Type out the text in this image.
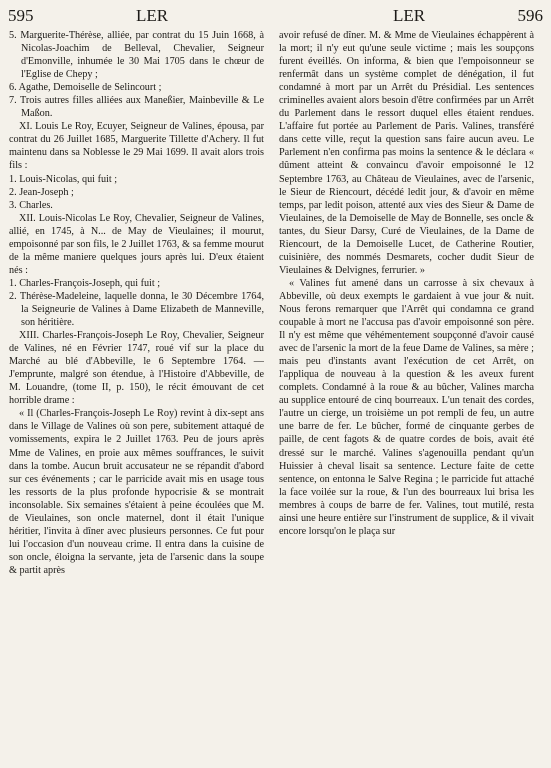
595	LER	LER	596
5. Marguerite-Thérèse, alliée, par contrat du 15 Juin 1668, à Nicolas-Joachim de Belleval, Chevalier, Seigneur d'Emonville, inhumée le 30 Mai 1705 dans le chœur de l'Eglise de Chepy ;
6. Agathe, Demoiselle de Selincourt ;
7. Trois autres filles alliées aux Maneßier, Mainbeville & Le Maßon.

XI. Louis Le Roy, Ecuyer, Seigneur de Valines, épousa, par contrat du 26 Juillet 1685, Marguerite Tillette d'Achery. Il fut maintenu dans sa Noblesse le 29 Mai 1699. Il avait alors trois fils :

1. Louis-Nicolas, qui fuit ;
2. Jean-Joseph ;
3. Charles.

XII. Louis-Nicolas Le Roy, Chevalier, Seigneur de Valines, allié, en 1745, à N... de May de Vieulaines; il mourut, empoisonné par son fils, le 2 Juillet 1763, & sa femme mourut de la même maniere quelques jours après lui. D'eux étaient nés :

1. Charles-François-Joseph, qui fuit ;
2. Thérèse-Madeleine, laquelle donna, le 30 Décembre 1764, la Seigneurie de Valines à Dame Elizabeth de Manneville, son héritière.

XIII. Charles-François-Joseph Le Roy, Chevalier, Seigneur de Valines, né en Février 1747, roué vif sur la place du Marché au blé d'Abbeville, le 6 Septembre 1764. — J'emprunte, malgré son étendue, à l'Histoire d'Abbeville, de M. Louandre, (tome II, p. 150), le récit émouvant de cet horrible drame :

« Il (Charles-François-Joseph Le Roy) revint à dix-sept ans dans le Village de Valines où son pere, subitement attaqué de vomissements, expira le 2 Juillet 1763. Peu de jours après Mme de Valines, en proie aux mêmes souffrances, le suivit dans la tombe. Aucun bruit accusateur ne se répandit d'abord sur ces événements ; car le parricide avait mis en usage tous les ressorts de la plus profonde hypocrisie & se montrait inconsolable. Six semaines s'étaient à peine écoulées que M. de Vieulaines, son oncle maternel, dont il était l'unique héritier, l'invita à dîner avec plusieurs personnes. Ce fut pour lui l'occasion d'un nouveau crime. Il entra dans la cuisine de son oncle, éloigna la servante, jeta de l'arsenic dans la soupe & partit après

avoir refusé de dîner. M. & Mme de Vieulaines échappèrent à la mort; il n'y eut qu'une seule victime ; mais les soupçons furent éveillés. On informa, & bien que l'empoisonneur se renfermât dans un système complet de dénégation, il fut condamné à mort par un Arrêt du Présidial. Les sentences criminelles avaient alors besoin d'être confirmées par un Arrêt du Parlement dans le ressort duquel elles étaient rendues. L'affaire fut portée au Parlement de Paris. Valines, transféré dans cette ville, reçut la question sans faire aucun aveu. Le Parlement n'en confirma pas moins la sentence & le déclara « dûment atteint & convaincu d'avoir empoisonné le 12 Septembre 1763, au Château de Vieulaines, avec de l'arsenic, le Sieur de Riencourt, décédé ledit jour, & d'avoir en même temps, par ledit poison, attenté aux vies des Sieur & Dame de Vieulaines, de la Demoiselle de May de Bonnelle, ses oncle & tantes, du Sieur Darsy, Curé de Vieulaines, de la Dame de Riencourt, de la Demoiselle Lucet, de Catherine Routier, cuisinière, des nommés Desmarets, cocher dudit Sieur de Vieulaines & Delvignes, ferrurier. »

« Valines fut amené dans un carrosse à six chevaux à Abbeville, où deux exempts le gardaient à vue jour & nuit. Nous ferons remarquer que l'Arrêt qui condamna ce grand coupable à mort ne l'accusa pas d'avoir empoisonné son père. Il n'y est même que véhémentement soupçonné d'avoir causé avec de l'arsenic la mort de la feue Dame de Valines, sa mère ; mais peu d'instants avant l'exécution de cet Arrêt, on l'appliqua de nouveau à la question & les aveux furent complets. Condamné à la roue & au bûcher, Valines marcha au supplice entouré de cinq bourreaux. L'un tenait des cordes, l'autre un cierge, un troisième un pot rempli de feu, un autre une barre de fer. Le bûcher, formé de cinquante gerbes de paille, de cent fagots & de quatre cordes de bois, avait été dressé sur le marché. Valines s'agenouilla pendant qu'un Huissier à cheval lisait sa sentence. Lecture faite de cette sentence, on entonna le Salve Regina ; le parricide fut attaché la face voilée sur la roue, & l'un des bourreaux lui brisa les membres à coups de barre de fer. Valines, tout mutilé, resta ainsi une heure entière sur l'instrument de supplice, & il vivait encore lorsqu'on le plaça sur
